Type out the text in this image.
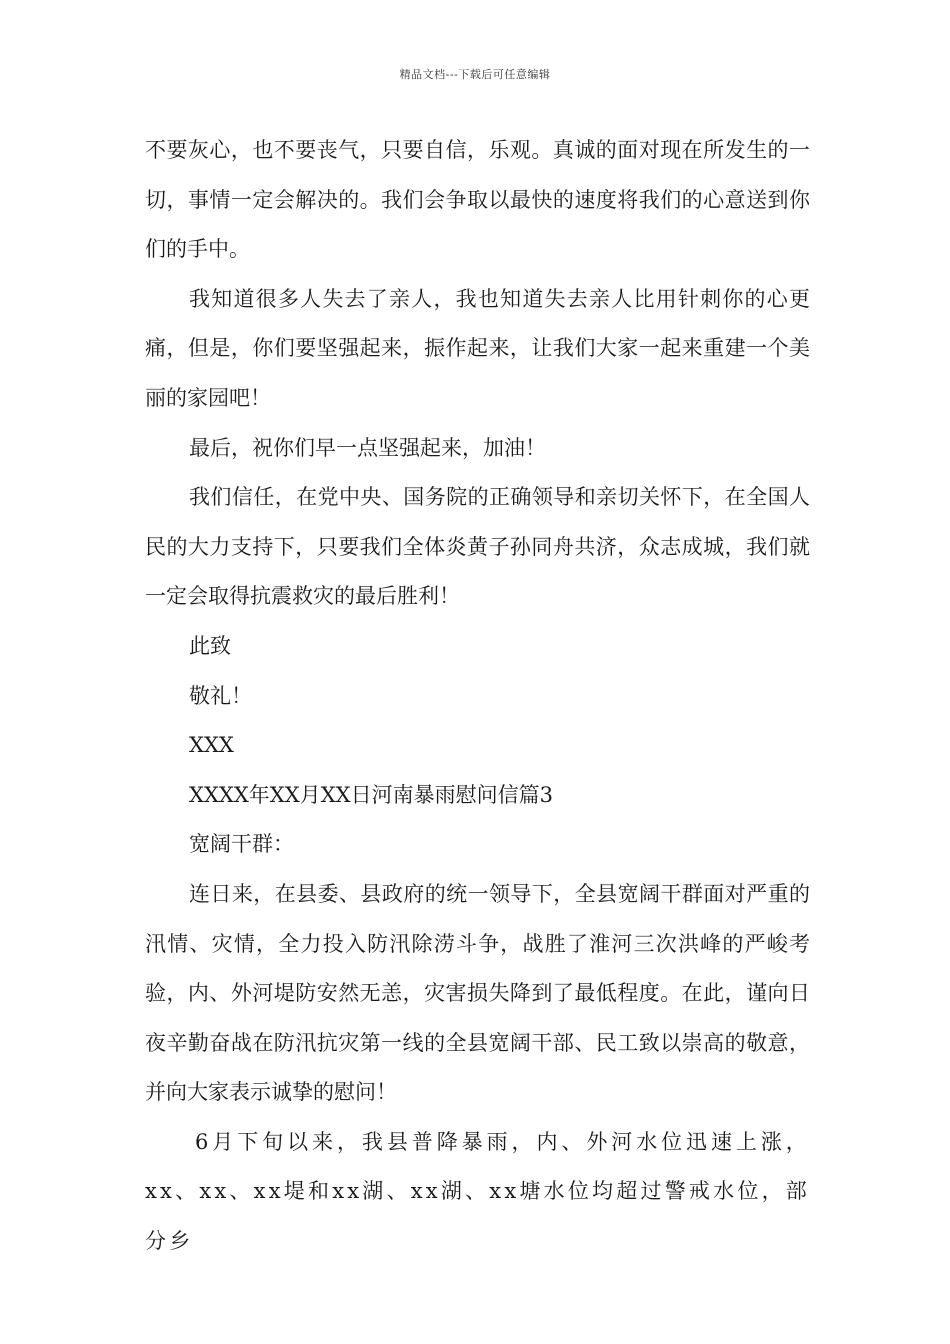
精品文档---下载后可任意编辑

不要灰心，也不要丧气，只要自信，乐观。真诚的面对现在所发生的一切，事情一定会解决的。我们会争取以最快的速度将我们的心意送到你们的手中。

我知道很多人失去了亲人，我也知道失去亲人比用针刺你的心更痛，但是，你们要坚强起来，振作起来，让我们大家一起来重建一个美丽的家园吧！

最后，祝你们早一点坚强起来，加油！

我们信任，在党中央、国务院的正确领导和亲切关怀下，在全国人民的大力支持下，只要我们全体炎黄子孙同舟共济，众志成城，我们就一定会取得抗震救灾的最后胜利！

此致

敬礼！

XXX

XXXX年XX月XX日河南暴雨慰问信篇3

宽阔干群：

连日来，在县委、县政府的统一领导下，全县宽阔干群面对严重的汛情、灾情，全力投入防汛除涝斗争，战胜了淮河三次洪峰的严峻考验，内、外河堤防安然无恙，灾害损失降到了最低程度。在此，谨向日夜辛勤奋战在防汛抗灾第一线的全县宽阔干部、民工致以崇高的敬意，并向大家表示诚挚的慰问！

6月下旬以来，我县普降暴雨，内、外河水位迅速上涨，xx、xx、xx堤和xx湖、xx湖、xx塘水位均超过警戒水位，部分乡
